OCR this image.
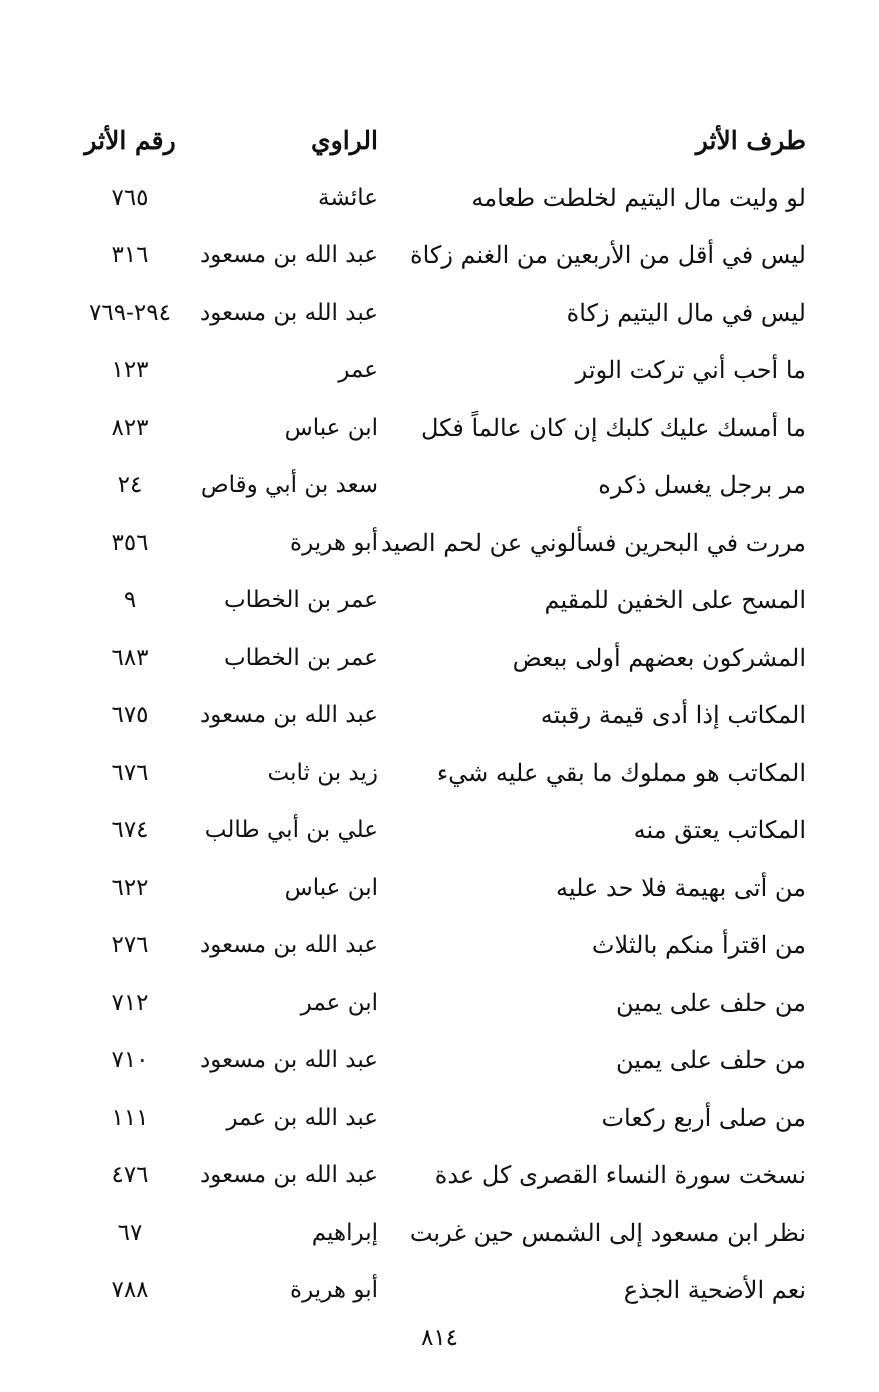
طرف الأثر
الراوي
رقم الأثر
لو وليت مال اليتيم لخلطت طعامه
عائشة
٧٦٥
ليس في أقل من الأربعين من الغنم زكاة
عبد الله بن مسعود
٣١٦
ليس في مال اليتيم زكاة
عبد الله بن مسعود
٢٩٤-٧٦٩
ما أحب أني تركت الوتر
عمر
١٢٣
ما أمسك عليك كلبك إن كان عالماً فكل
ابن عباس
٨٢٣
مر برجل يغسل ذكره
سعد بن أبي وقاص
٢٤
مررت في البحرين فسألوني عن لحم الصيد
أبو هريرة
٣٥٦
المسح على الخفين للمقيم
عمر بن الخطاب
٩
المشركون بعضهم أولى ببعض
عمر بن الخطاب
٦٨٣
المكاتب إذا أدى قيمة رقبته
عبد الله بن مسعود
٦٧٥
المكاتب هو مملوك ما بقي عليه شيء
زيد بن ثابت
٦٧٦
المكاتب يعتق منه
علي بن أبي طالب
٦٧٤
من أتى بهيمة فلا حد عليه
ابن عباس
٦٢٢
من اقترأ منكم بالثلاث
عبد الله بن مسعود
٢٧٦
من حلف على يمين
ابن عمر
٧١٢
من حلف على يمين
عبد الله بن مسعود
٧١٠
من صلى أربع ركعات
عبد الله بن عمر
١١١
نسخت سورة النساء القصرى كل عدة
عبد الله بن مسعود
٤٧٦
نظر ابن مسعود إلى الشمس حين غربت
إبراهيم
٦٧
نعم الأضحية الجذع
أبو هريرة
٧٨٨
٨١٤
